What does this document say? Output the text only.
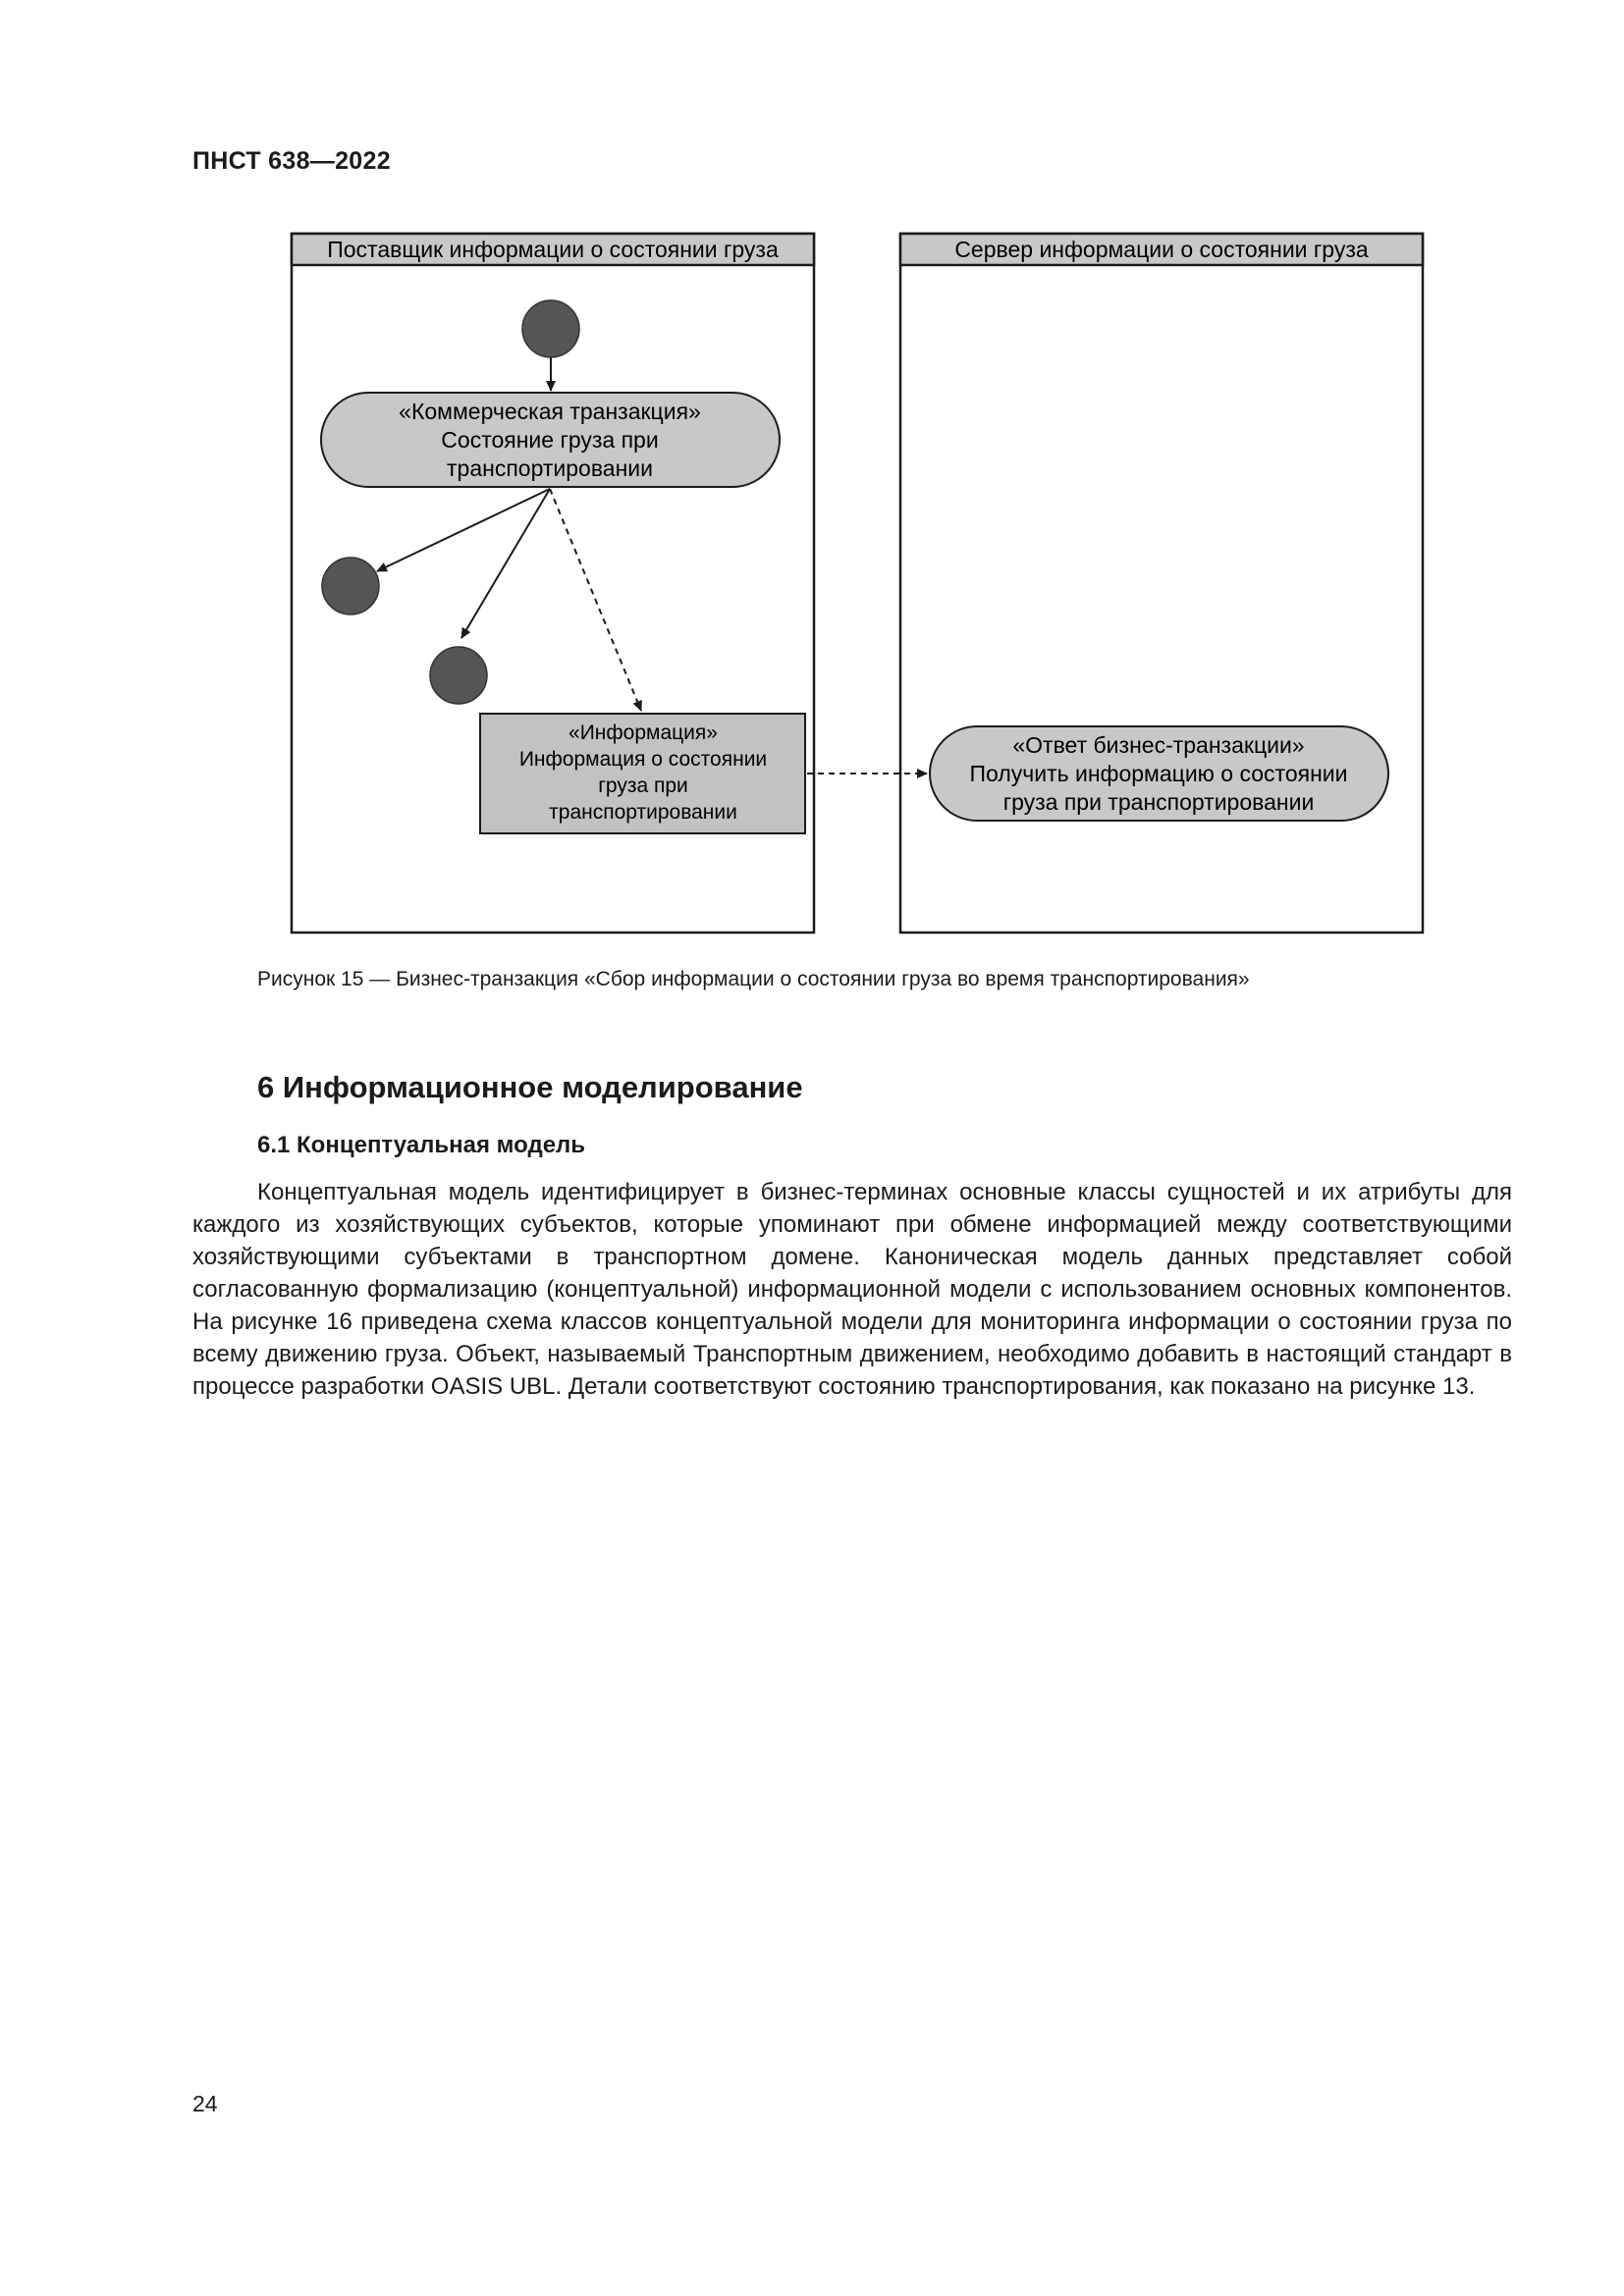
ПНСТ 638—2022
Поставщик информации о состоянии груза	Сервер информации о состоянии груза
«Коммерческая транзакция»
Состояние груза при
транспортировании
«Информация»
Информация о состоянии
груза при
транспортировании
«Ответ бизнес-транзакции»
Получить информацию о состоянии
груза при транспортировании
Рисунок 15 — Бизнес-транзакция «Сбор информации о состоянии груза во время транспортирования»
6 Информационное моделирование
6.1 Концептуальная модель
Концептуальная модель идентифицирует в бизнес-терминах основные классы сущностей и их атрибуты для каждого из хозяйствующих субъектов, которые упоминают при обмене информацией между соответствующими хозяйствующими субъектами в транспортном домене. Каноническая модель данных представляет собой согласованную формализацию (концептуальной) информационной модели с использованием основных компонентов. На рисунке 16 приведена схема классов концептуальной модели для мониторинга информации о состоянии груза по всему движению груза. Объект, называемый Транспортным движением, необходимо добавить в настоящий стандарт в процессе разработки OASIS UBL. Детали соответствуют состоянию транспортирования, как показано на рисунке 13.
24
